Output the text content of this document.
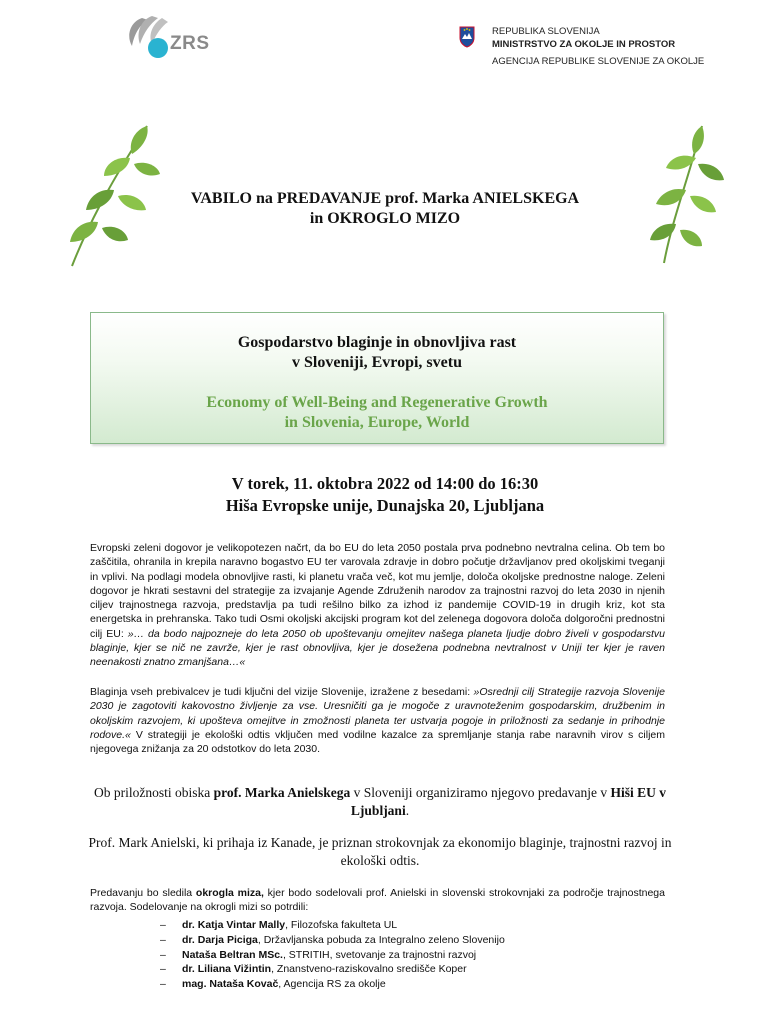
ZRS
REPUBLIKA SLOVENIJA
MINISTRSTVO ZA OKOLJE IN PROSTOR
AGENCIJA REPUBLIKE SLOVENIJE ZA OKOLJE
VABILO na PREDAVANJE prof. Marka ANIELSKEGA
in OKROGLO MIZO
Gospodarstvo blaginje in obnovljiva rast
v Sloveniji, Evropi, svetu
Economy of Well-Being and Regenerative Growth
in Slovenia, Europe, World
V torek, 11. oktobra 2022 od 14:00 do 16:30
Hiša Evropske unije, Dunajska 20, Ljubljana
Evropski zeleni dogovor je velikopotezen načrt, da bo EU do leta 2050 postala prva podnebno nevtralna celina. Ob tem bo zaščitila, ohranila in krepila naravno bogastvo EU ter varovala zdravje in dobro počutje državljanov pred okoljskimi tveganji in vplivi. Na podlagi modela obnovljive rasti, ki planetu vrača več, kot mu jemlje, določa okoljske prednostne naloge. Zeleni dogovor je hkrati sestavni del strategije za izvajanje Agende Združenih narodov za trajnostni razvoj do leta 2030 in njenih ciljev trajnostnega razvoja, predstavlja pa tudi rešilno bilko za izhod iz pandemije COVID-19 in drugih kriz, kot sta energetska in prehranska. Tako tudi Osmi okoljski akcijski program kot del zelenega dogovora določa dolgoročni prednostni cilj EU: »… da bodo najpozneje do leta 2050 ob upoštevanju omejitev našega planeta ljudje dobro živeli v gospodarstvu blaginje, kjer se nič ne zavrže, kjer je rast obnovljiva, kjer je dosežena podnebna nevtralnost v Uniji ter kjer je raven neenakosti znatno zmanjšana…«
Blaginja vseh prebivalcev je tudi ključni del vizije Slovenije, izražene z besedami: »Osrednji cilj Strategije razvoja Slovenije 2030 je zagotoviti kakovostno življenje za vse. Uresničiti ga je mogoče z uravnoteženim gospodarskim, družbenim in okoljskim razvojem, ki upošteva omejitve in zmožnosti planeta ter ustvarja pogoje in priložnosti za sedanje in prihodnje rodove.« V strategiji je ekološki odtis vključen med vodilne kazalce za spremljanje stanja rabe naravnih virov s ciljem njegovega znižanja za 20 odstotkov do leta 2030.
Ob priložnosti obiska prof. Marka Anielskega v Sloveniji organiziramo njegovo predavanje v Hiši EU v Ljubljani.
Prof. Mark Anielski, ki prihaja iz Kanade, je priznan strokovnjak za ekonomijo blaginje, trajnostni razvoj in ekološki odtis.
Predavanju bo sledila okrogla miza, kjer bodo sodelovali prof. Anielski in slovenski strokovnjaki za področje trajnostnega razvoja. Sodelovanje na okrogli mizi so potrdili:
– dr. Katja Vintar Mally, Filozofska fakulteta UL
– dr. Darja Piciga, Državljanska pobuda za Integralno zeleno Slovenijo
– Nataša Beltran MSc., STRITIH, svetovanje za trajnostni razvoj
– dr. Liliana Vižintin, Znanstveno-raziskovalno središče Koper
– mag. Nataša Kovač, Agencija RS za okolje
